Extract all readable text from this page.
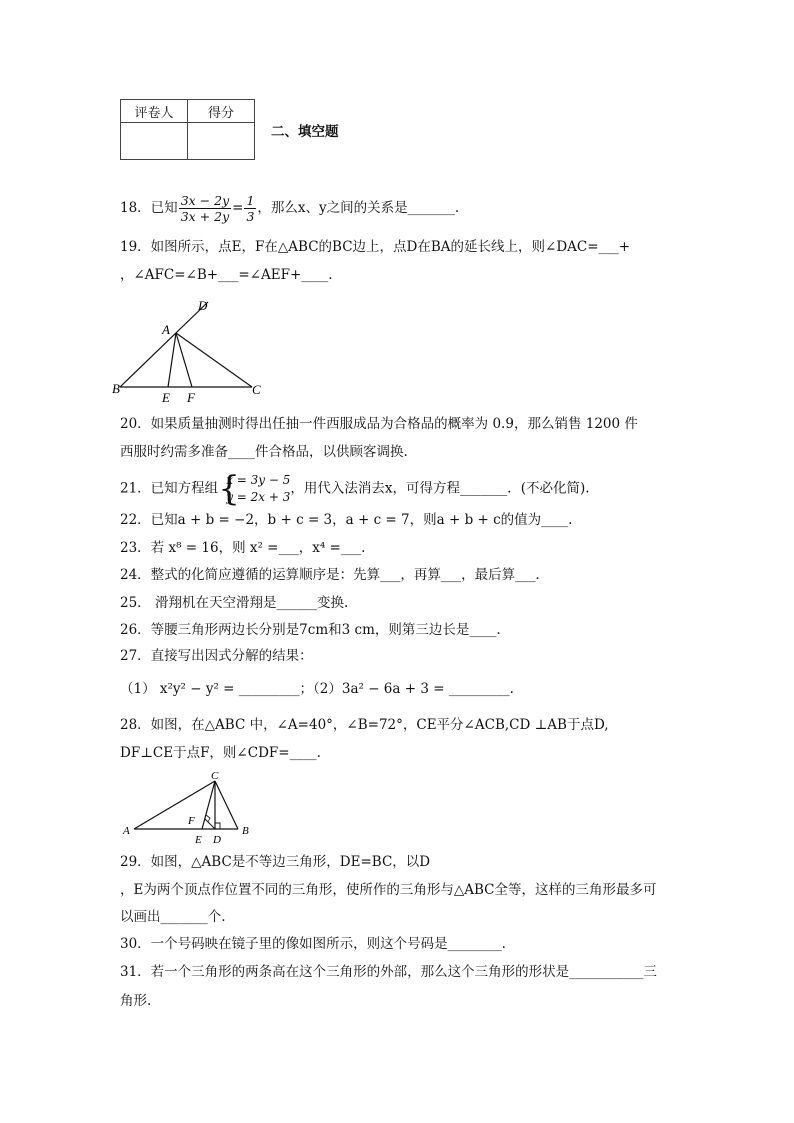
评卷人	得分

二、填空题
18．已知 $\frac{3x - 2y}{3x + 2y} = \frac{1}{3}$ ，那么x、y之间的关系是_______.
19．如图所示，点E，F在△ABC的BC边上，点D在BA的延长线上，则∠DAC=___+
，∠AFC=∠B+___=∠AEF+____.
D
A
B
E F
C
20．如果质量抽测时得出任抽一件西服成品为合格品的概率为 0.9，那么销售 1200 件
西服时约需多准备____件合格品，以供顾客调换.
21．已知方程组 {
x = 3y − 5
y = 2x + 3
，用代入法消去x，可得方程_______．(不必化简).
22．已知a + b = −2，b + c = 3，a + c = 7，则a + b + c的值为____.
23．若 x⁸ = 16，则 x² =___，x⁴ =___.
24．整式的化简应遵循的运算顺序是：先算___，再算___，最后算___.
25． 滑翔机在天空滑翔是______变换.
26．等腰三角形两边长分别是7cm和3 cm，则第三边长是____.
27．直接写出因式分解的结果：
（1） x²y² − y² = _________；（2）3a² − 6a + 3 = _________.
28．如图，在△ABC 中，∠A=40°，∠B=72°，CE平分∠ACB,CD ⊥AB于点D,
DF⊥CE于点F，则∠CDF=____.
C
F
A
E D
B
29．如图，△ABC是不等边三角形，DE=BC，以D
，E为两个顶点作位置不同的三角形，使所作的三角形与△ABC全等，这样的三角形最多可
以画出_______个.
30．一个号码映在镜子里的像如图所示，则这个号码是________.
31．若一个三角形的两条高在这个三角形的外部，那么这个三角形的形状是___________三
角形.
